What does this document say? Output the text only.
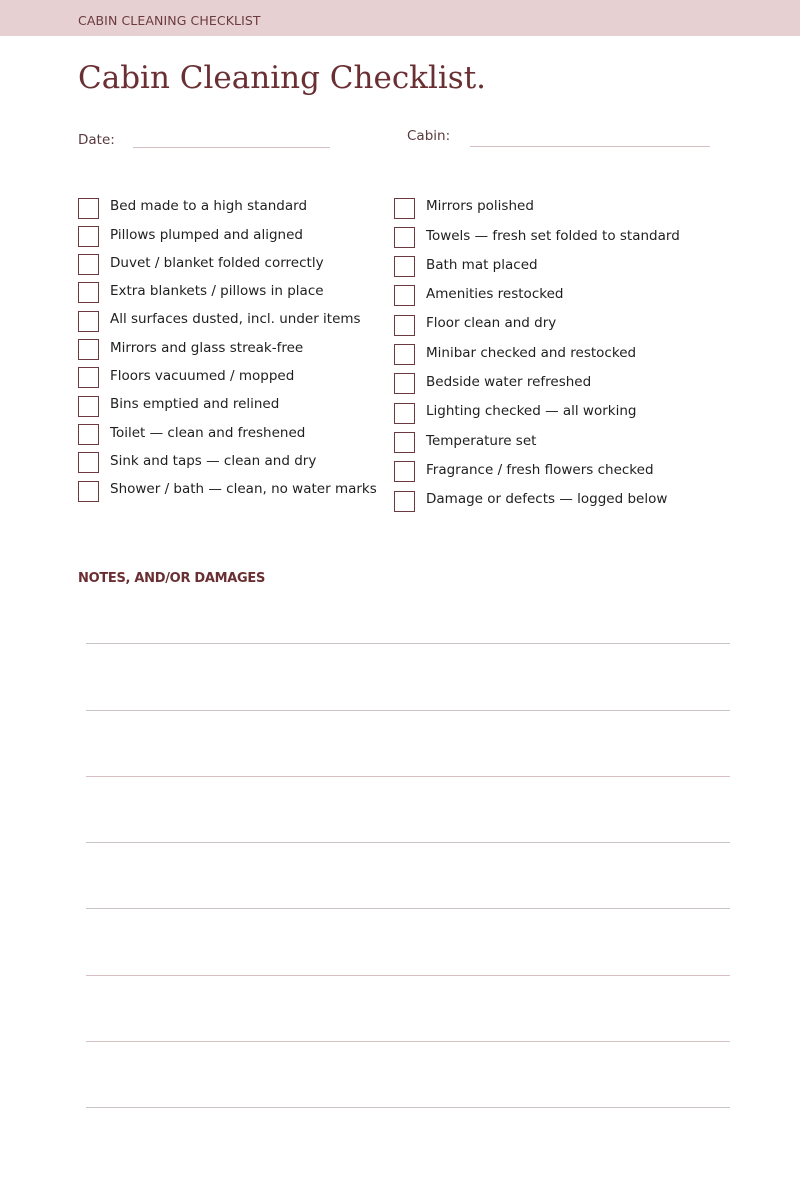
CABIN CLEANING CHECKLIST
Cabin Cleaning Checklist.
Date:	Cabin:
Bed made to a high standard
Pillows plumped and aligned
Duvet / blanket folded correctly
Extra blankets / pillows in place
All surfaces dusted, incl. under items
Mirrors and glass streak-free
Floors vacuumed / mopped
Bins emptied and relined
Toilet — clean and freshened
Sink and taps — clean and dry
Shower / bath — clean, no water marks
Mirrors polished
Towels — fresh set folded to standard
Bath mat placed
Amenities restocked
Floor clean and dry
Minibar checked and restocked
Bedside water refreshed
Lighting checked — all working
Temperature set
Fragrance / fresh flowers checked
Damage or defects — logged below
NOTES, AND/OR DAMAGES
